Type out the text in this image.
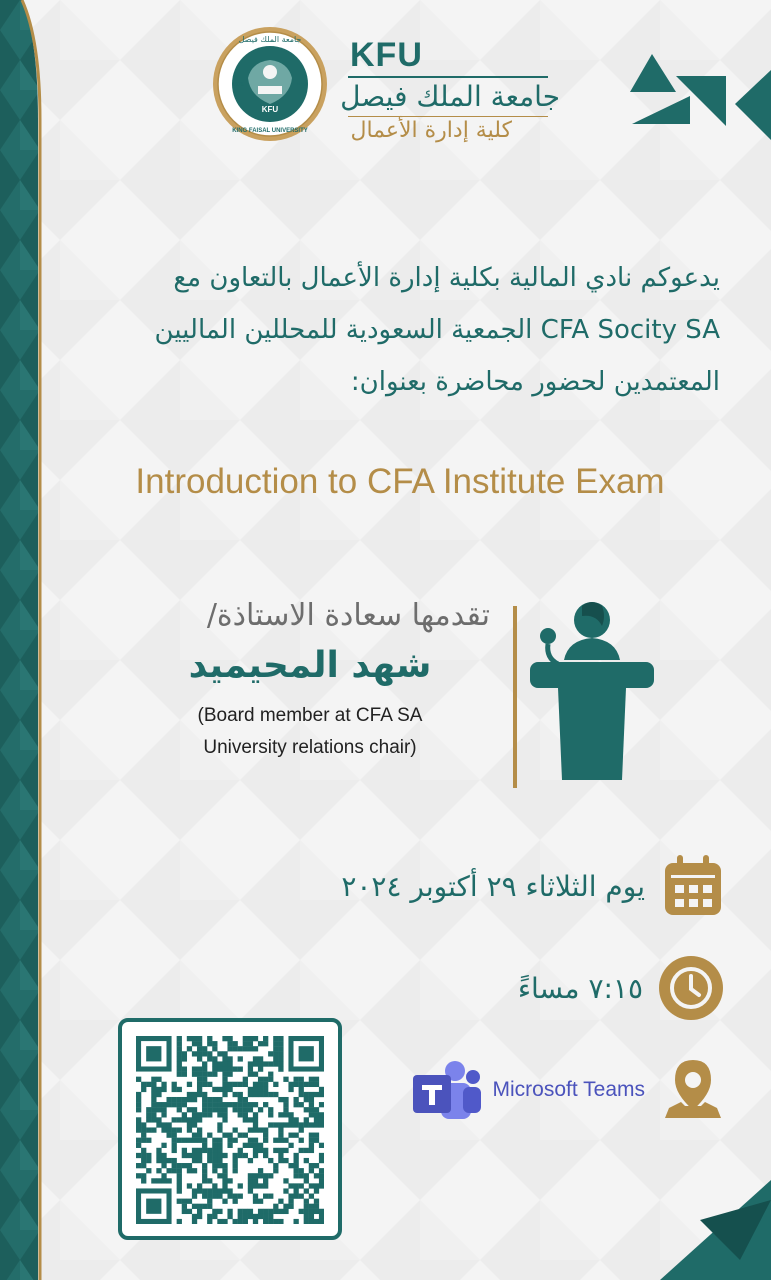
KFU
جامعة الملك فيصل
KING FAISAL UNIVERSITY
1975	١٣٩٥
KFU
جامعة الملك فيصل
كلية إدارة الأعمال

يدعوكم نادي المالية بكلية إدارة الأعمال بالتعاون مع

CFA Socity SA الجمعية السعودية للمحللين الماليين

المعتمدين لحضور محاضرة بعنوان:

Introduction to CFA Institute Exam
تقدمها سعادة الاستاذة/
شهد المحيميد
(Board member at CFA SA
University relations chair)
يوم الثلاثاء ٢٩ أكتوبر ٢٠٢٤
٧:١٥ مساءً
Microsoft Teams
